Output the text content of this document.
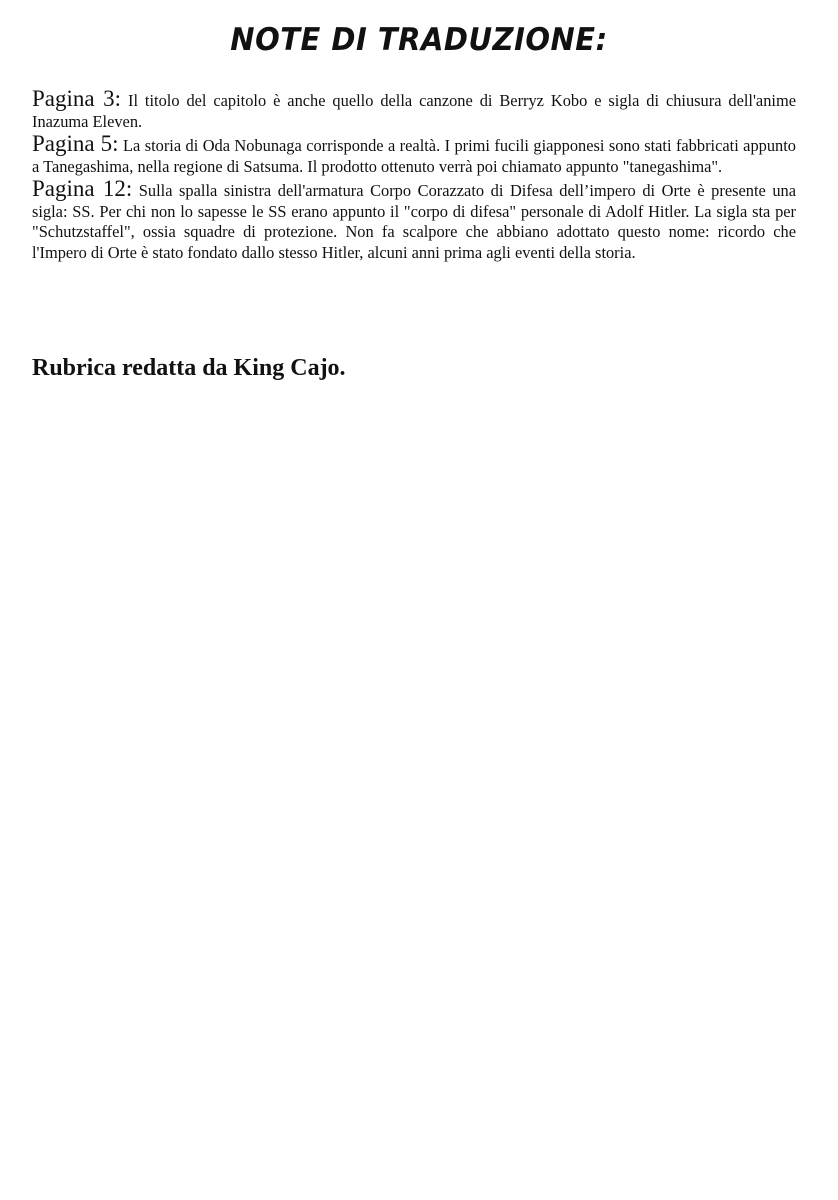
NOTE DI TRADUZIONE:

Pagina 3: Il titolo del capitolo è anche quello della canzone di Berryz Kobo e sigla di chiusura dell'anime Inazuma Eleven.

Pagina 5: La storia di Oda Nobunaga corrisponde a realtà. I primi fucili giapponesi sono stati fabbricati appunto a Tanegashima, nella regione di Satsuma. Il prodotto ottenuto verrà poi chiamato appunto "tanegashima".

Pagina 12: Sulla spalla sinistra dell'armatura Corpo Corazzato di Difesa dell’impero di Orte è presente una sigla: SS. Per chi non lo sapesse le SS erano appunto il "corpo di difesa" personale di Adolf Hitler. La sigla sta per "Schutzstaffel", ossia squadre di protezione. Non fa scalpore che abbiano adottato questo nome: ricordo che l'Impero di Orte è stato fondato dallo stesso Hitler, alcuni anni prima agli eventi della storia.

Rubrica redatta da King Cajo.
